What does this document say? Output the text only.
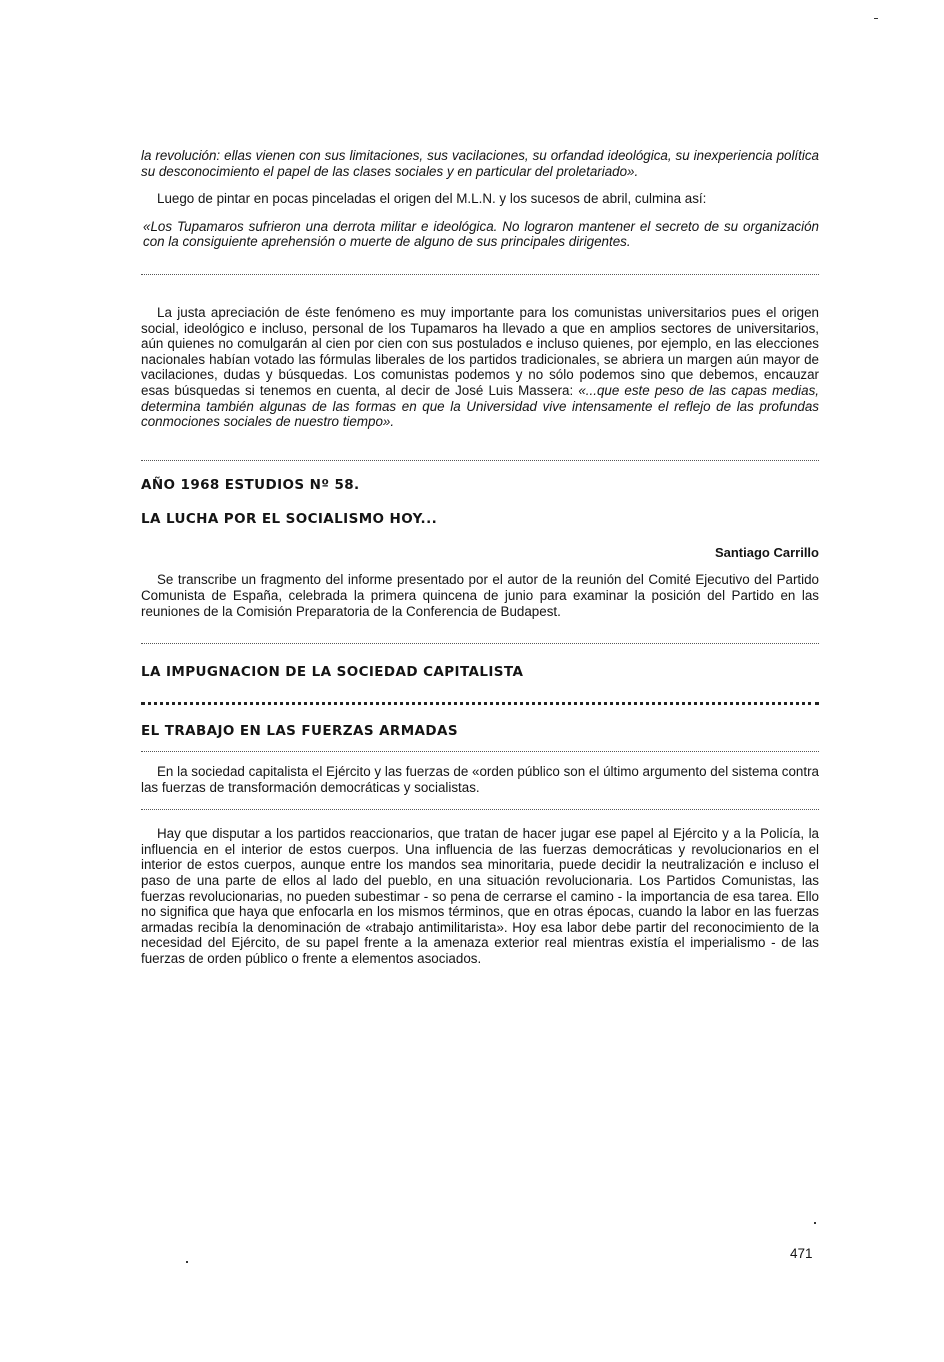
la revolución: ellas vienen con sus limitaciones, sus vacilaciones, su orfandad ideológica, su inexperiencia política su desconocimiento el papel de las clases sociales y en particular del proletariado».

Luego de pintar en pocas pinceladas el origen del M.L.N. y los sucesos de abril, culmina así:

«Los Tupamaros sufrieron una derrota militar e ideológica. No lograron mantener el secreto de su organización con la consiguiente aprehensión o muerte de alguno de sus principales dirigentes.

La justa apreciación de éste fenómeno es muy importante para los comunistas universitarios pues el origen social, ideológico e incluso, personal de los Tupamaros ha llevado a que en amplios sectores de universitarios, aún quienes no comulgarán al cien por cien con sus postulados e incluso quienes, por ejemplo, en las elecciones nacionales habían votado las fórmulas liberales de los partidos tradicionales, se abriera un margen aún mayor de vacilaciones, dudas y búsquedas. Los comunistas podemos y no sólo podemos sino que debemos, encauzar esas búsquedas si tenemos en cuenta, al decir de José Luis Massera: «...que este peso de las capas medias, determina también algunas de las formas en que la Universidad vive intensamente el reflejo de las profundas conmociones sociales de nuestro tiempo».

AÑO 1968 ESTUDIOS Nº 58.
LA LUCHA POR EL SOCIALISMO HOY...

Santiago Carrillo

Se transcribe un fragmento del informe presentado por el autor de la reunión del Comité Ejecutivo del Partido Comunista de España, celebrada la primera quincena de junio para examinar la posición del Partido en las reuniones de la Comisión Preparatoria de la Conferencia de Budapest.

LA IMPUGNACION DE LA SOCIEDAD CAPITALISTA
EL TRABAJO EN LAS FUERZAS ARMADAS

En la sociedad capitalista el Ejército y las fuerzas de «orden público son el último argumento del sistema contra las fuerzas de transformación democráticas y socialistas.

Hay que disputar a los partidos reaccionarios, que tratan de hacer jugar ese papel al Ejército y a la Policía, la influencia en el interior de estos cuerpos. Una influencia de las fuerzas democráticas y revolucionarios en el interior de estos cuerpos, aunque entre los mandos sea minoritaria, puede decidir la neutralización e incluso el paso de una parte de ellos al lado del pueblo, en una situación revolucionaria. Los Partidos Comunistas, las fuerzas revolucionarias, no pueden subestimar - so pena de cerrarse el camino - la importancia de esa tarea. Ello no significa que haya que enfocarla en los mismos términos, que en otras épocas, cuando la labor en las fuerzas armadas recibía la denominación de «trabajo antimilitarista». Hoy esa labor debe partir del reconocimiento de la necesidad del Ejército, de su papel frente a la amenaza exterior real mientras existía el imperialismo - de las fuerzas de orden público o frente a elementos asociados.

471
